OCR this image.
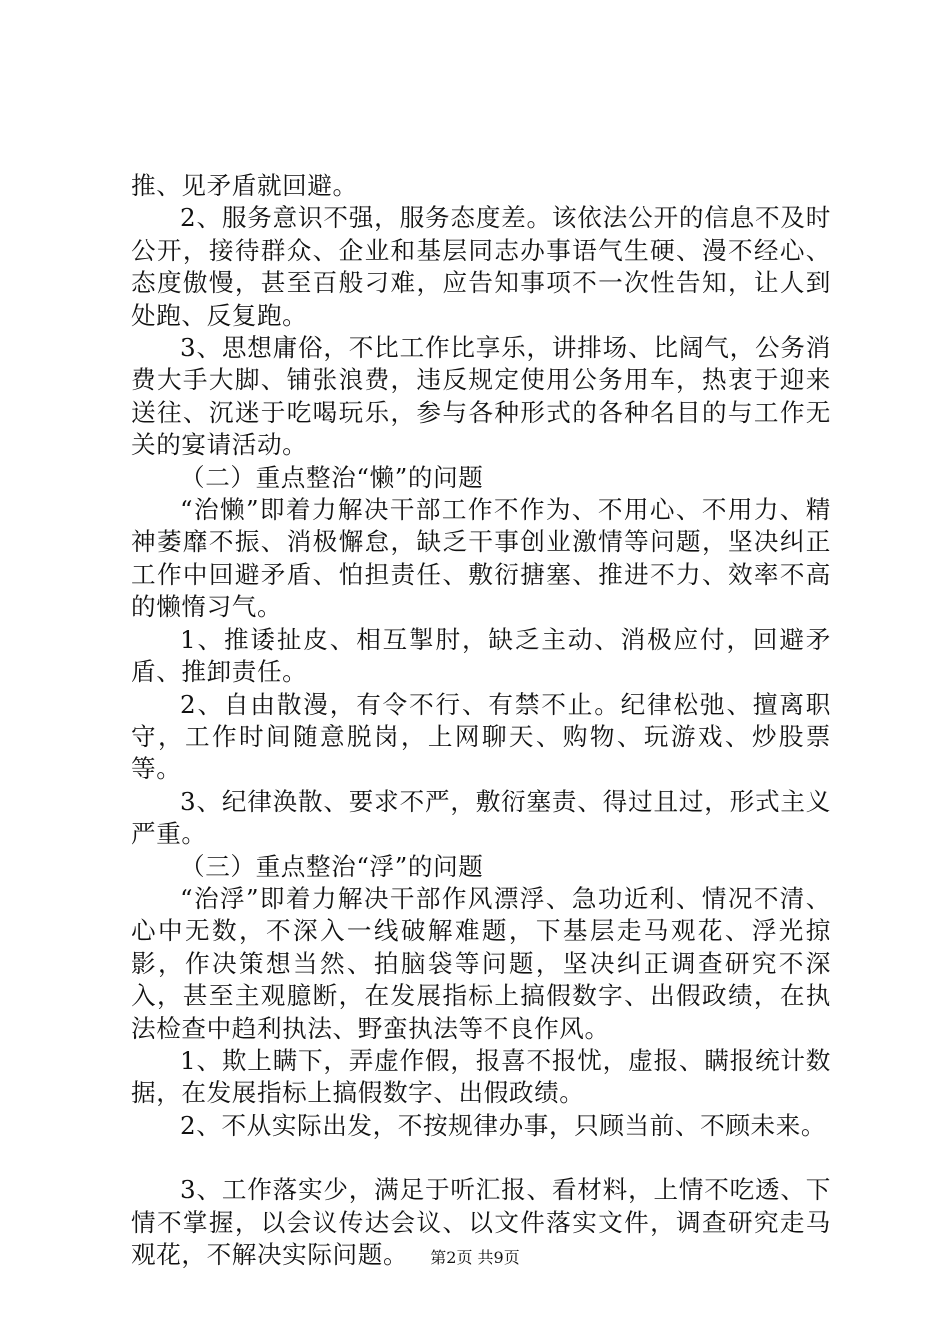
推、见矛盾就回避。

2、服务意识不强，服务态度差。该依法公开的信息不及时公开，接待群众、企业和基层同志办事语气生硬、漫不经心、态度傲慢，甚至百般刁难，应告知事项不一次性告知，让人到处跑、反复跑。

3、思想庸俗，不比工作比享乐，讲排场、比阔气，公务消费大手大脚、铺张浪费，违反规定使用公务用车，热衷于迎来送往、沉迷于吃喝玩乐，参与各种形式的各种名目的与工作无关的宴请活动。

（二）重点整治“懒”的问题

“治懒”即着力解决干部工作不作为、不用心、不用力、精神萎靡不振、消极懈怠，缺乏干事创业激情等问题，坚决纠正工作中回避矛盾、怕担责任、敷衍搪塞、推进不力、效率不高的懒惰习气。

1、推诿扯皮、相互掣肘，缺乏主动、消极应付，回避矛盾、推卸责任。

2、自由散漫，有令不行、有禁不止。纪律松弛、擅离职守，工作时间随意脱岗，上网聊天、购物、玩游戏、炒股票等。

3、纪律涣散、要求不严，敷衍塞责、得过且过，形式主义严重。

（三）重点整治“浮”的问题

“治浮”即着力解决干部作风漂浮、急功近利、情况不清、心中无数，不深入一线破解难题，下基层走马观花、浮光掠影，作决策想当然、拍脑袋等问题，坚决纠正调查研究不深入，甚至主观臆断，在发展指标上搞假数字、出假政绩，在执法检查中趋利执法、野蛮执法等不良作风。

1、欺上瞒下，弄虚作假，报喜不报忧，虚报、瞒报统计数据，在发展指标上搞假数字、出假政绩。

2、不从实际出发，不按规律办事，只顾当前、不顾未来。

3、工作落实少，满足于听汇报、看材料，上情不吃透、下情不掌握，以会议传达会议、以文件落实文件，调查研究走马观花，不解决实际问题。	第2页 共9页
